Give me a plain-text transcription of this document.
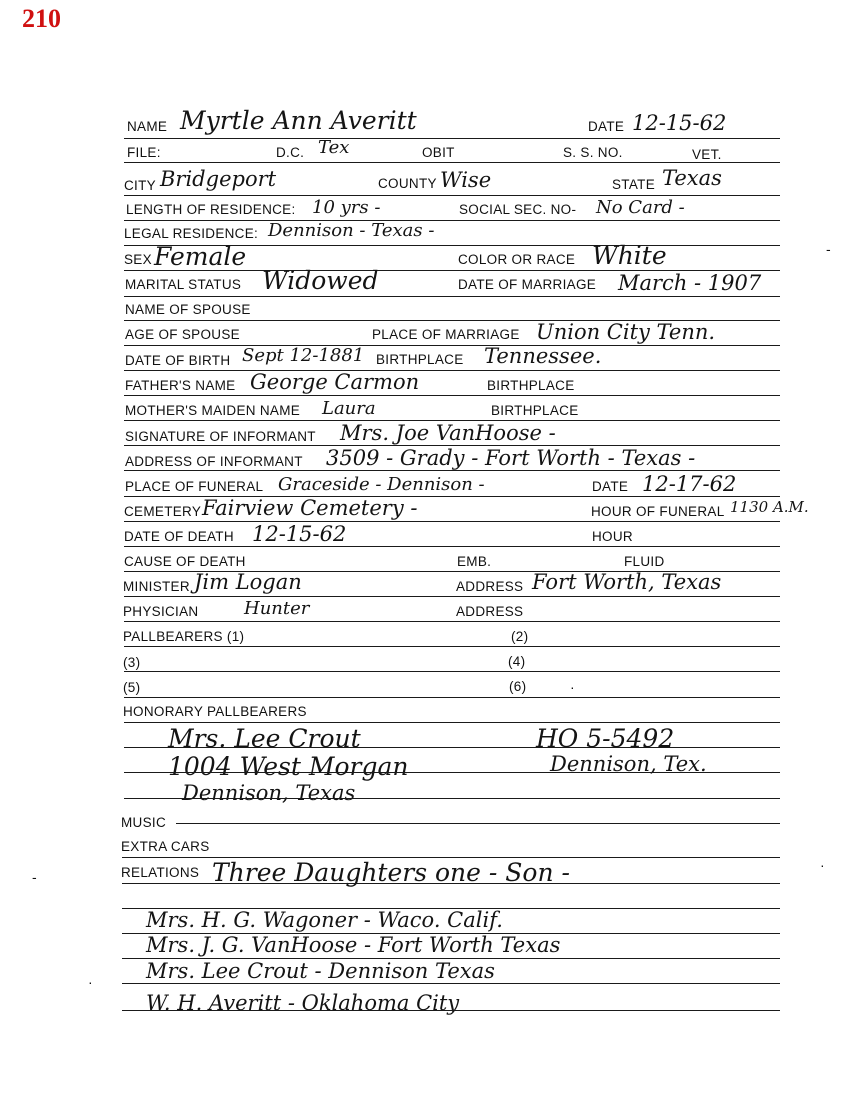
210
NAME Myrtle Ann Averitt	DATE 12-15-62
FILE:	D.C. Tex	OBIT	S. S. NO.	VET.
CITY Bridgeport	COUNTY Wise	STATE Texas
LENGTH OF RESIDENCE: 10 yrs -	SOCIAL SEC. NO- No Card -
LEGAL RESIDENCE: Dennison - Texas -
SEX Female	COLOR OR RACE White
MARITAL STATUS Widowed	DATE OF MARRIAGE March - 1907
NAME OF SPOUSE
AGE OF SPOUSE	PLACE OF MARRIAGE Union City Tenn.
DATE OF BIRTH Sept 12-1881 BIRTHPLACE Tennessee.
FATHER'S NAME George Carmon	BIRTHPLACE
MOTHER'S MAIDEN NAME Laura	BIRTHPLACE
SIGNATURE OF INFORMANT Mrs. Joe VanHoose -
ADDRESS OF INFORMANT 3509 - Grady - Fort Worth - Texas -
PLACE OF FUNERAL Graceside - Dennison -	DATE 12-17-62
CEMETERY Fairview Cemetery -	HOUR OF FUNERAL 1130 A.M.
DATE OF DEATH 12-15-62	HOUR
CAUSE OF DEATH	EMB.	FLUID
MINISTER Jim Logan	ADDRESS Fort Worth, Texas
PHYSICIAN	Hunter	ADDRESS
PALLBEARERS (1)	(2)
(3)	(4)
(5)	(6)	·
HONORARY PALLBEARERS
Mrs. Lee Crout	HO 5-5492
1004 West Morgan	Dennison, Tex.
Dennison, Texas
MUSIC
EXTRA CARS
RELATIONS Three Daughters one - Son -
Mrs. H. G. Wagoner - Waco. Calif.
Mrs. J. G. VanHoose - Fort Worth Texas
Mrs. Lee Crout - Dennison Texas
W. H. Averitt - Oklahoma City
-
·
-
·
